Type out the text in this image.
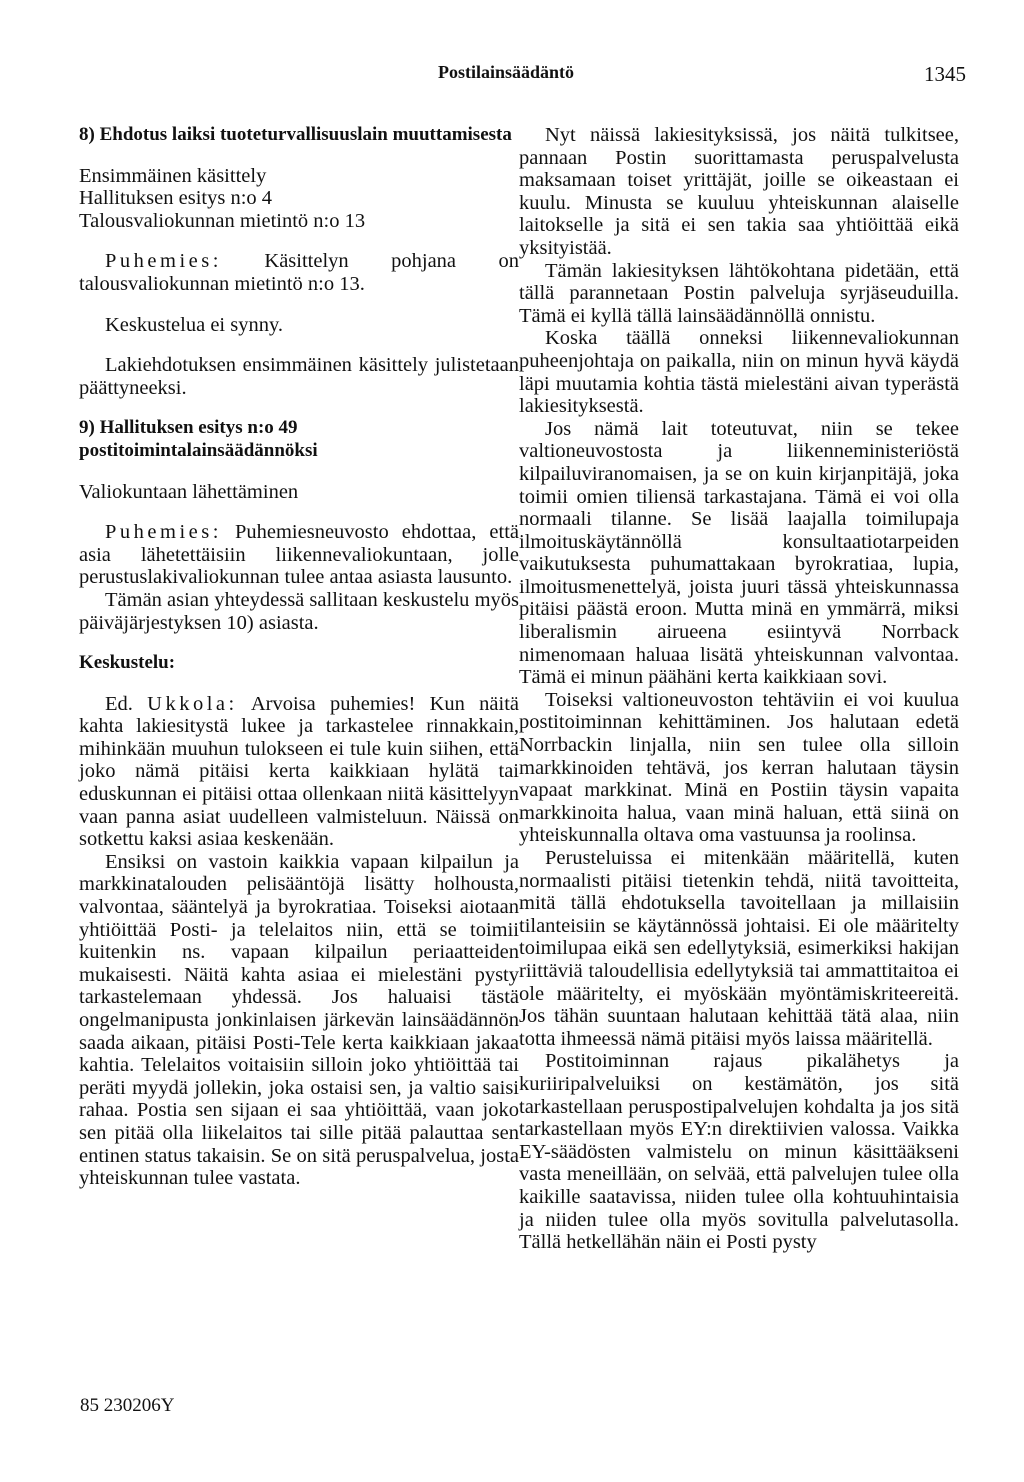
Postilainsäädäntö	1345

8) Ehdotus laiksi tuoteturvallisuuslain muuttamisesta

Ensimmäinen käsittely

Hallituksen esitys n:o 4

Talousvaliokunnan mietintö n:o 13

Puhemies: Käsittelyn pohjana on talousvaliokunnan mietintö n:o 13.

Keskustelua ei synny.

Lakiehdotuksen ensimmäinen käsittely julistetaan päättyneeksi.

9) Hallituksen esitys n:o 49 postitoimintalainsäädännöksi

Valiokuntaan lähettäminen

Puhemies: Puhemiesneuvosto ehdottaa, että asia lähetettäisiin liikennevaliokuntaan, jolle perustuslakivaliokunnan tulee antaa asiasta lausunto.

Tämän asian yhteydessä sallitaan keskustelu myös päiväjärjestyksen 10) asiasta.

Keskustelu:

Ed. Ukkola: Arvoisa puhemies! Kun näitä kahta lakiesitystä lukee ja tarkastelee rinnakkain, mihinkään muuhun tulokseen ei tule kuin siihen, että joko nämä pitäisi kerta kaikkiaan hylätä tai eduskunnan ei pitäisi ottaa ollenkaan niitä käsittelyyn vaan panna asiat uudelleen valmisteluun. Näissä on sotkettu kaksi asiaa keskenään.

Ensiksi on vastoin kaikkia vapaan kilpailun ja markkinatalouden pelisääntöjä lisätty holhousta, valvontaa, sääntelyä ja byrokratiaa. Toiseksi aiotaan yhtiöittää Posti- ja telelaitos niin, että se toimii kuitenkin ns. vapaan kilpailun periaatteiden mukaisesti. Näitä kahta asiaa ei mielestäni pysty tarkastelemaan yhdessä. Jos haluaisi tästä ongelmanipusta jonkinlaisen järkevän lainsäädännön saada aikaan, pitäisi Posti-Tele kerta kaikkiaan jakaa kahtia. Telelaitos voitaisiin silloin joko yhtiöittää tai peräti myydä jollekin, joka ostaisi sen, ja valtio saisi rahaa. Postia sen sijaan ei saa yhtiöittää, vaan joko sen pitää olla liikelaitos tai sille pitää palauttaa sen entinen status takaisin. Se on sitä peruspalvelua, josta yhteiskunnan tulee vastata.

Nyt näissä lakiesityksissä, jos näitä tulkitsee, pannaan Postin suorittamasta peruspalvelusta maksamaan toiset yrittäjät, joille se oikeastaan ei kuulu. Minusta se kuuluu yhteiskunnan alaiselle laitokselle ja sitä ei sen takia saa yhtiöittää eikä yksityistää.

Tämän lakiesityksen lähtökohtana pidetään, että tällä parannetaan Postin palveluja syrjäseuduilla. Tämä ei kyllä tällä lainsäädännöllä onnistu.

Koska täällä onneksi liikennevaliokunnan puheenjohtaja on paikalla, niin on minun hyvä käydä läpi muutamia kohtia tästä mielestäni aivan typerästä lakiesityksestä.

Jos nämä lait toteutuvat, niin se tekee valtioneuvostosta ja liikenneministeriöstä kilpailuviranomaisen, ja se on kuin kirjanpitäjä, joka toimii omien tiliensä tarkastajana. Tämä ei voi olla normaali tilanne. Se lisää laajalla toimilupaja ilmoituskäytännöllä konsultaatiotarpeiden vaikutuksesta puhumattakaan byrokratiaa, lupia, ilmoitusmenettelyä, joista juuri tässä yhteiskunnassa pitäisi päästä eroon. Mutta minä en ymmärrä, miksi liberalismin airueena esiintyvä Norrback nimenomaan haluaa lisätä yhteiskunnan valvontaa. Tämä ei minun päähäni kerta kaikkiaan sovi.

Toiseksi valtioneuvoston tehtäviin ei voi kuulua postitoiminnan kehittäminen. Jos halutaan edetä Norrbackin linjalla, niin sen tulee olla silloin markkinoiden tehtävä, jos kerran halutaan täysin vapaat markkinat. Minä en Postiin täysin vapaita markkinoita halua, vaan minä haluan, että siinä on yhteiskunnalla oltava oma vastuunsa ja roolinsa.

Perusteluissa ei mitenkään määritellä, kuten normaalisti pitäisi tietenkin tehdä, niitä tavoitteita, mitä tällä ehdotuksella tavoitellaan ja millaisiin tilanteisiin se käytännössä johtaisi. Ei ole määritelty toimilupaa eikä sen edellytyksiä, esimerkiksi hakijan riittäviä taloudellisia edellytyksiä tai ammattitaitoa ei ole määritelty, ei myöskään myöntämiskriteereitä. Jos tähän suuntaan halutaan kehittää tätä alaa, niin totta ihmeessä nämä pitäisi myös laissa määritellä.

Postitoiminnan rajaus pikalähetys ja kuriiripalveluiksi on kestämätön, jos sitä tarkastellaan peruspostipalvelujen kohdalta ja jos sitä tarkastellaan myös EY:n direktiivien valossa. Vaikka EY-säädösten valmistelu on minun käsittääkseni vasta meneillään, on selvää, että palvelujen tulee olla kaikille saatavissa, niiden tulee olla kohtuuhintaisia ja niiden tulee olla myös sovitulla palvelutasolla. Tällä hetkellähän näin ei Posti pysty

85 230206Y
